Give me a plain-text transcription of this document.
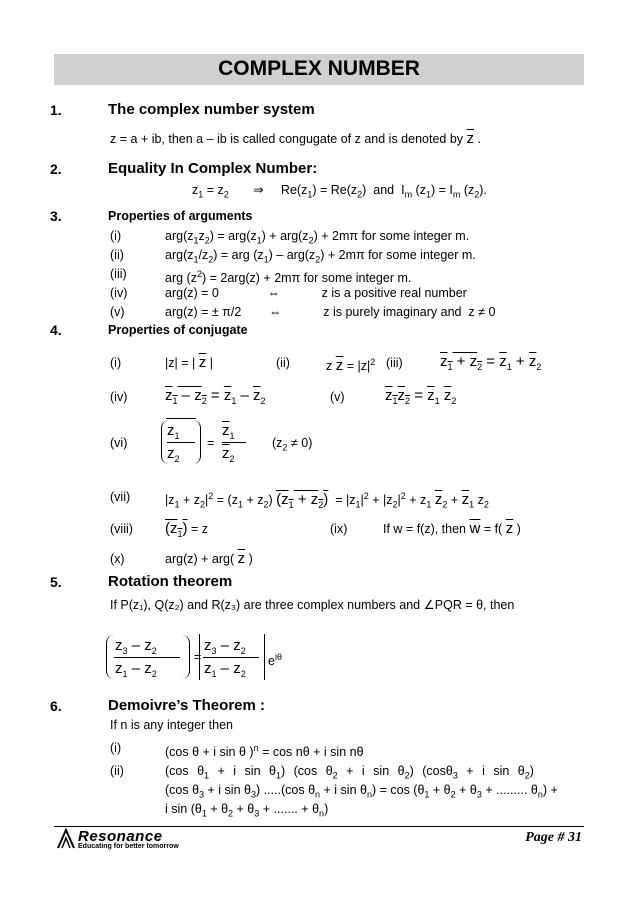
COMPLEX NUMBER
1.	The complex number system
z = a + ib, then a – ib is called congugate of z and is denoted by $\overline{z}$ .
2.	Equality In Complex Number:
$z_1 = z_2$       ⇒     $Re(z_1) = Re(z_2)$  and  $I_m$ $(z_1) = I_m$ $(z_2)$.
3.	Properties of arguments
(i)	$arg(z_1z_2) = arg(z_1) + arg(z_2) + 2m\pi$ for some integer m.
(ii)	$arg(z_1/z_2)$ = arg $(z_1) - arg(z_2) + 2m\pi$ for some integer m.
(iii)	arg $(z^2) = 2arg(z) + 2m\pi$ for some integer m.
(iv)	arg(z) = 0              ⇔            z is a positive real number
(v)	arg(z) = ± π/2        ⇔            z is purely imaginary and  z ≠ 0
4.	Properties of conjugate
(i)	|z| = | $\overline{z}$ |	(ii)	z $\overline{z} = |z|^2$ (iii) $z_1 + z_2 = \overline{z}_1 + \overline{z}_2$
(iv)	$z_1 - z_2 = \overline{z}_1 - \overline{z}_2$	(v)	$z_1z_2 = \overline{z}_1$ $\overline{z}_2$
(vi)
$z_1$
$z_2$
=
$\overline{z}_1$
$\overline{z}_2$
$(z_2 \ne 0)$
(vii)	$|z_1 + z_2|^2 = (z_1 + z_2) (z_1 + z_2) = |z_1|^2 + |z_2|^2 + z_1$ $\overline{z}_2 + \overline{z}_1$ $z_2$
(viii) $(z_1) = z$	(ix)	If w = f(z), then $\overline{w} = f$( $\overline{z}$ )
(x)	arg(z) + arg( $\overline{z}$ )
5.	Rotation theorem
If P(z₁), Q(z₂) and R(z₃) are three complex numbers and ∠PQR = θ, then
$z_3 - z_2$
$z_1 - z_2$
=
$z_3 - z_2$
$z_1 - z_2$
$e^{i\theta}$
6.	Demoivre’s Theorem :
If n is any integer then
(i)	(cos θ + i sin θ )$^n$ = cos nθ + i sin nθ
(ii)	(cos $\theta_1 + i$ $\sin \theta_1$) (cos $\theta_2 + i$ $\sin \theta_2$) (cosθ$_3$ + i $\sin \theta_2$)
(cos $\theta_3 + i$ $\sin \theta_3$) .....(cos $\theta_n + i$ $\sin \theta_n) = \cos (\theta_1 + \theta_2 + \theta_3$ + ......... $\theta_n$) +
i $\sin (\theta_1 + \theta_2 + \theta_3$ + ....... + $\theta_n$)
Resonance
Educating for better tomorrow
Page # 31
